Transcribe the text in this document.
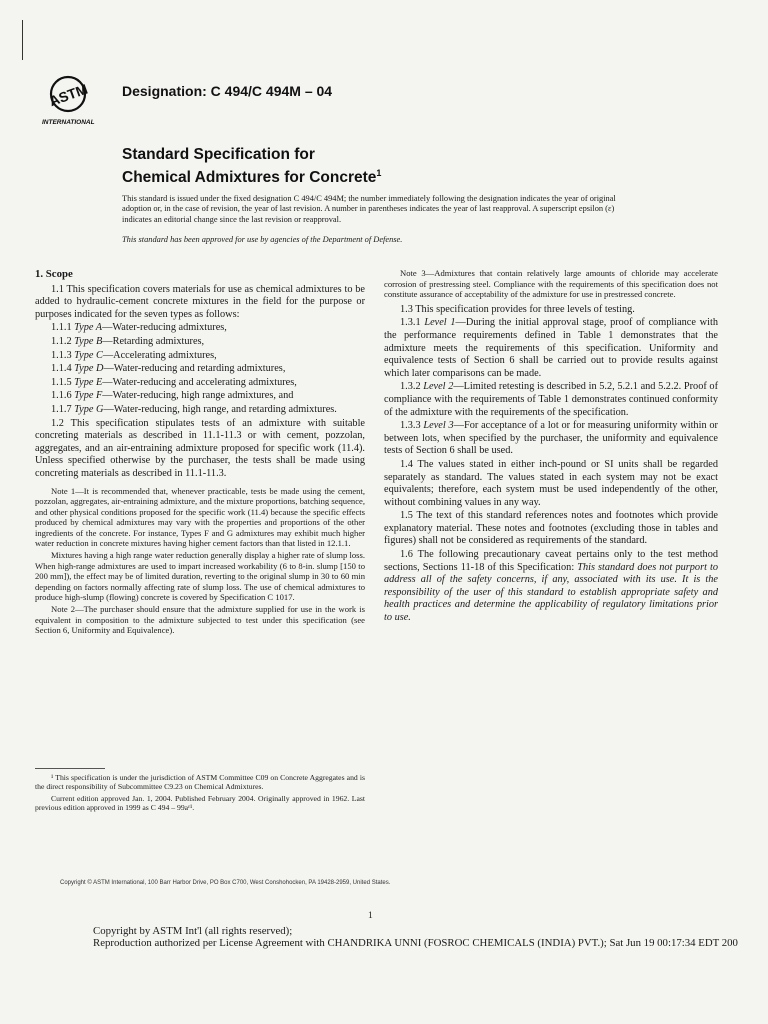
ASTM
INTERNATIONAL
Designation: C 494/C 494M – 04
Standard Specification for
Chemical Admixtures for Concrete$^1$
This standard is issued under the fixed designation C 494/C 494M; the number immediately following the designation indicates the year of original adoption or, in the case of revision, the year of last revision. A number in parentheses indicates the year of last reapproval. A superscript epsilon (ε) indicates an editorial change since the last revision or reapproval.
This standard has been approved for use by agencies of the Department of Defense.

1. Scope

1.1 This specification covers materials for use as chemical admixtures to be added to hydraulic-cement concrete mixtures in the field for the purpose or purposes indicated for the seven types as follows:

1.1.1 Type A—Water-reducing admixtures,

1.1.2 Type B—Retarding admixtures,

1.1.3 Type C—Accelerating admixtures,

1.1.4 Type D—Water-reducing and retarding admixtures,

1.1.5 Type E—Water-reducing and accelerating admixtures,

1.1.6 Type F—Water-reducing, high range admixtures, and

1.1.7 Type G—Water-reducing, high range, and retarding admixtures.

1.2 This specification stipulates tests of an admixture with suitable concreting materials as described in 11.1-11.3 or with cement, pozzolan, aggregates, and an air-entraining admixture proposed for specific work (11.4). Unless specified otherwise by the purchaser, the tests shall be made using concreting materials as described in 11.1-11.3.

Note 1—It is recommended that, whenever practicable, tests be made using the cement, pozzolan, aggregates, air-entraining admixture, and the mixture proportions, batching sequence, and other physical conditions proposed for the specific work (11.4) because the specific effects produced by chemical admixtures may vary with the properties and proportions of the other ingredients of the concrete. For instance, Types F and G admixtures may exhibit much higher water reduction in concrete mixtures having higher cement factors than that listed in 12.1.1.

Mixtures having a high range water reduction generally display a higher rate of slump loss. When high-range admixtures are used to impart increased workability (6 to 8-in. slump [150 to 200 mm]), the effect may be of limited duration, reverting to the original slump in 30 to 60 min depending on factors normally affecting rate of slump loss. The use of chemical admixtures to produce high-slump (flowing) concrete is covered by Specification C 1017.

Note 2—The purchaser should ensure that the admixture supplied for use in the work is equivalent in composition to the admixture subjected to test under this specification (see Section 6, Uniformity and Equivalence).

Note 3—Admixtures that contain relatively large amounts of chloride may accelerate corrosion of prestressing steel. Compliance with the requirements of this specification does not constitute assurance of acceptability of the admixture for use in prestressed concrete.

1.3 This specification provides for three levels of testing.

1.3.1 Level 1—During the initial approval stage, proof of compliance with the performance requirements defined in Table 1 demonstrates that the admixture meets the requirements of this specification. Uniformity and equivalence tests of Section 6 shall be carried out to provide results against which later comparisons can be made.

1.3.2 Level 2—Limited retesting is described in 5.2, 5.2.1 and 5.2.2. Proof of compliance with the requirements of Table 1 demonstrates continued conformity of the admixture with the requirements of the specification.

1.3.3 Level 3—For acceptance of a lot or for measuring uniformity within or between lots, when specified by the purchaser, the uniformity and equivalence tests of Section 6 shall be used.

1.4 The values stated in either inch-pound or SI units shall be regarded separately as standard. The values stated in each system may not be exact equivalents; therefore, each system must be used independently of the other, without combining values in any way.

1.5 The text of this standard references notes and footnotes which provide explanatory material. These notes and footnotes (excluding those in tables and figures) shall not be considered as requirements of the standard.

1.6 The following precautionary caveat pertains only to the test method sections, Sections 11-18 of this Specification: This standard does not purport to address all of the safety concerns, if any, associated with its use. It is the responsibility of the user of this standard to establish appropriate safety and health practices and determine the applicability of regulatory limitations prior to use.

¹ This specification is under the jurisdiction of ASTM Committee C09 on Concrete Aggregates and is the direct responsibility of Subcommittee C9.23 on Chemical Admixtures.

Current edition approved Jan. 1, 2004. Published February 2004. Originally approved in 1962. Last previous edition approved in 1999 as C 494 – 99aᵋ¹.

Copyright © ASTM International, 100 Barr Harbor Drive, PO Box C700, West Conshohocken, PA 19428-2959, United States.
1
Copyright by ASTM Int'l (all rights reserved);
Reproduction authorized per License Agreement with CHANDRIKA UNNI (FOSROC CHEMICALS (INDIA) PVT.); Sat Jun 19 00:17:34 EDT 200
